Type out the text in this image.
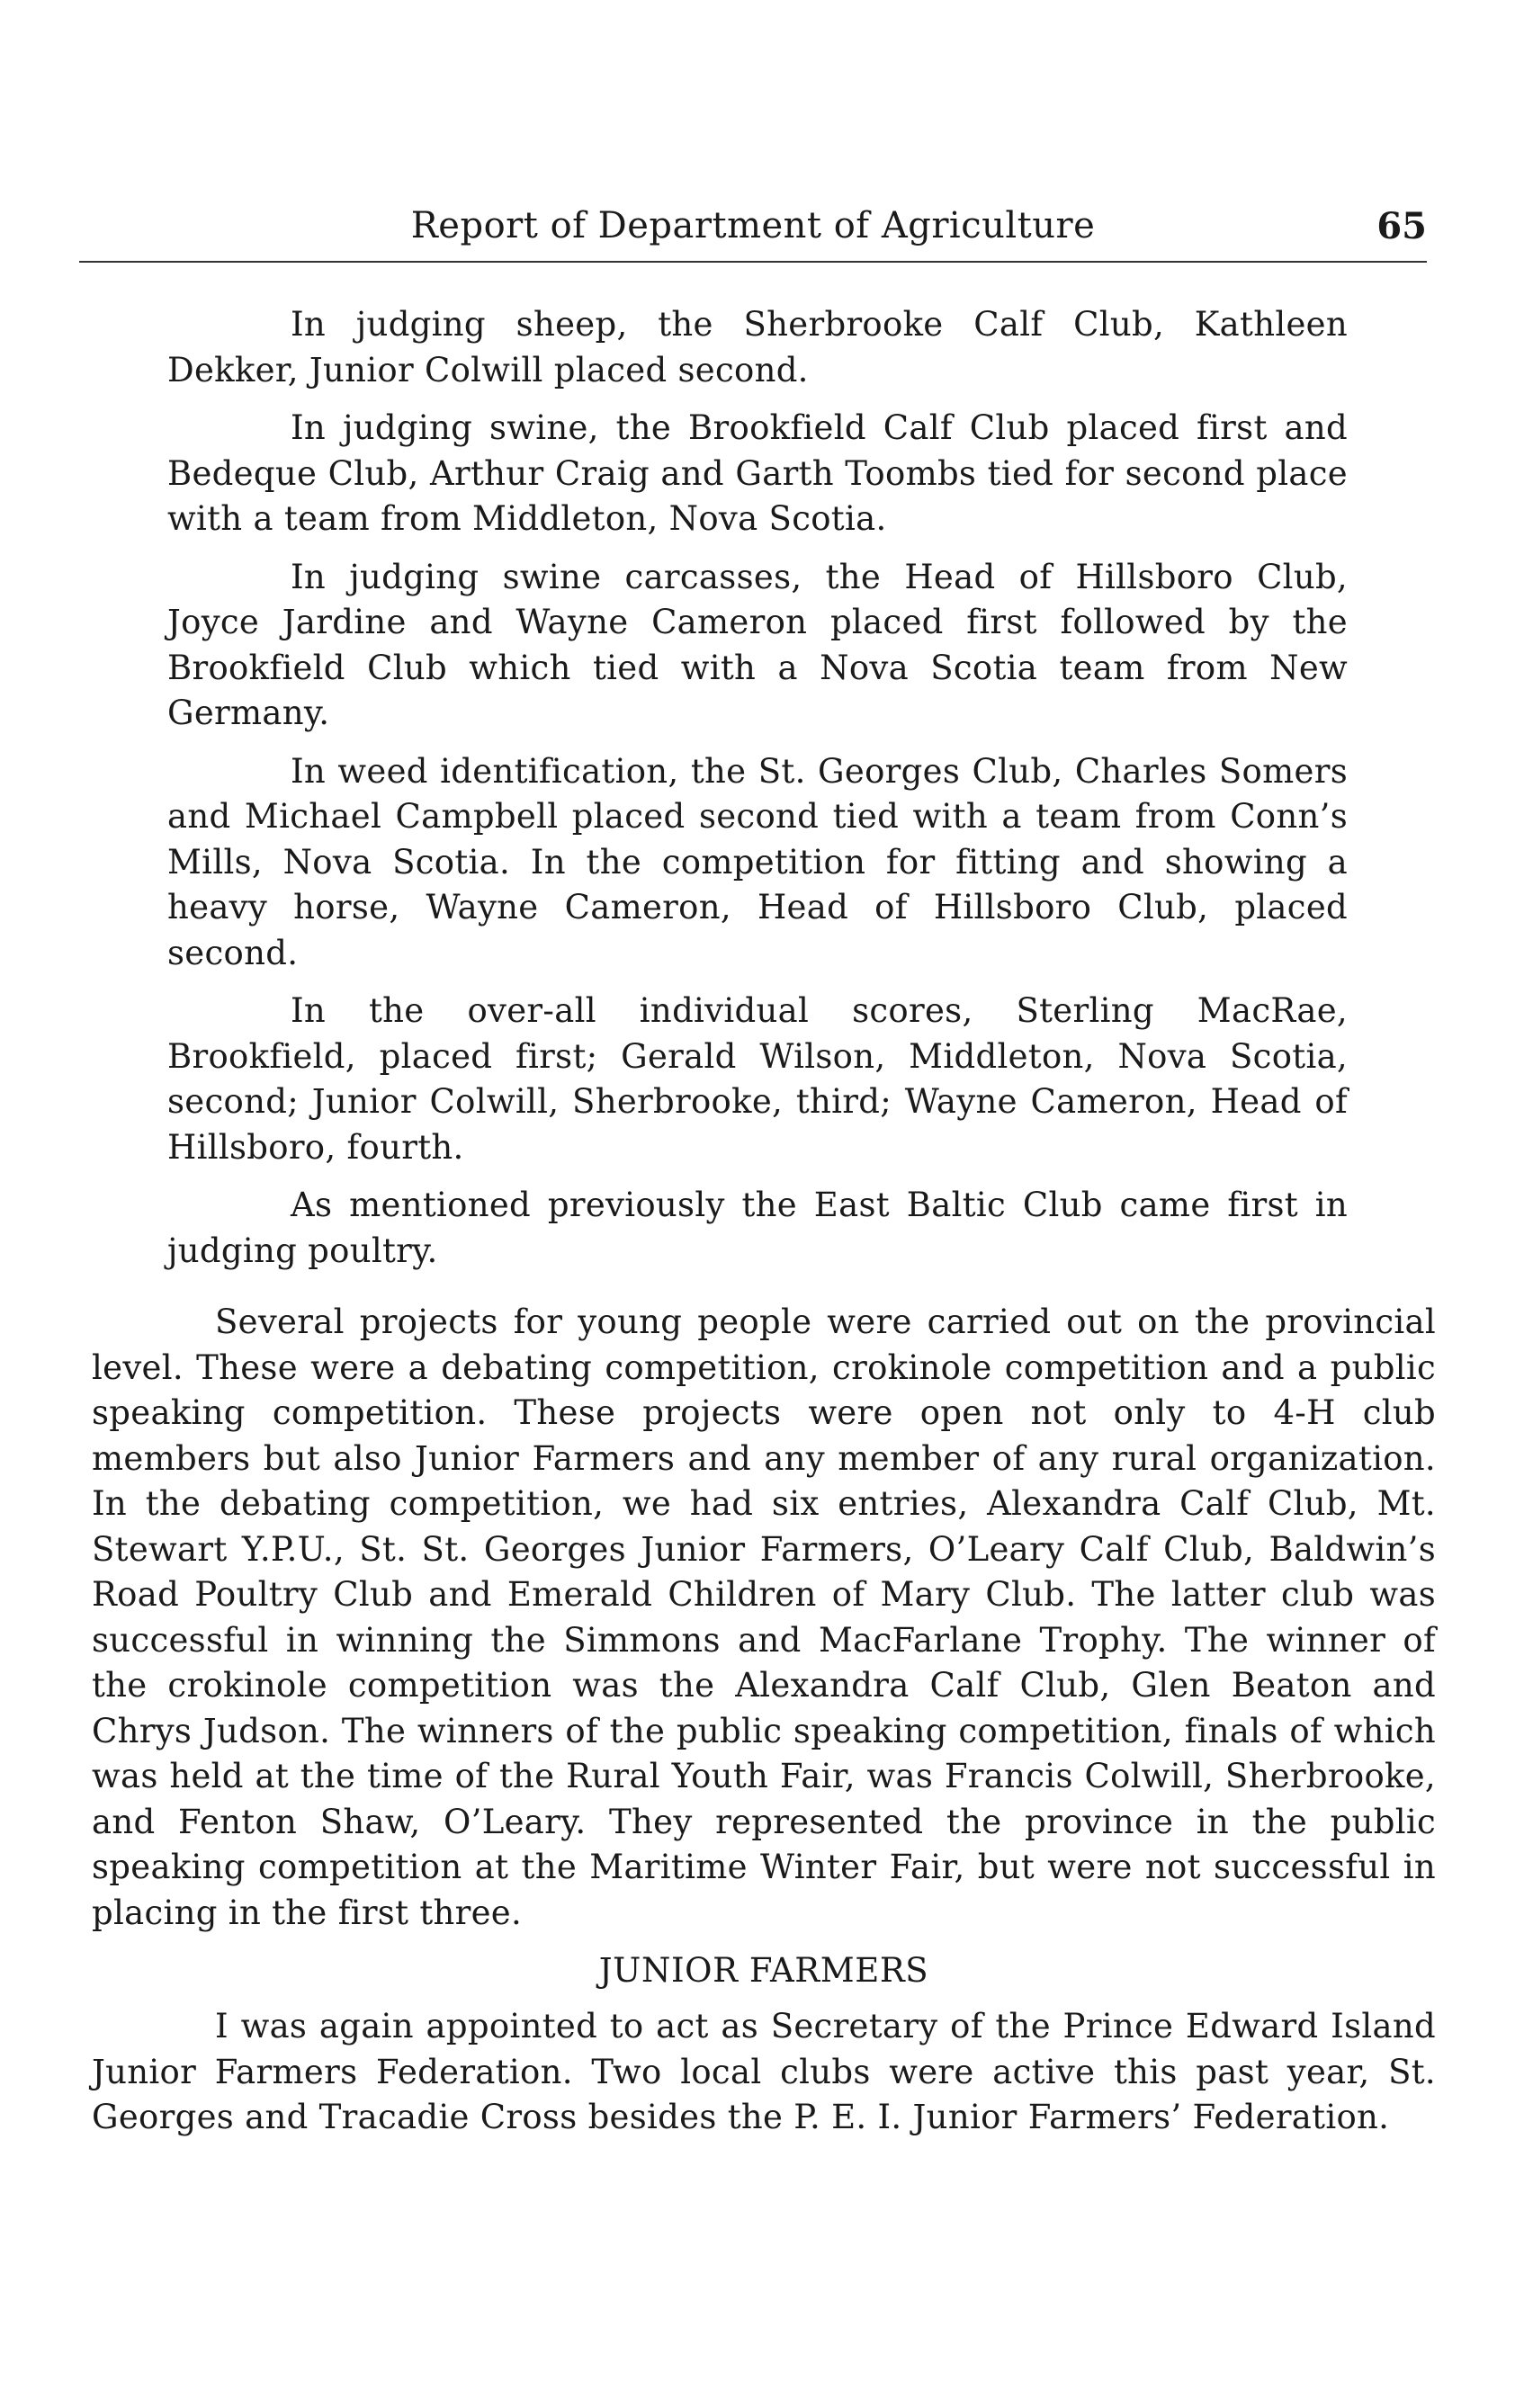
Report of Department of Agriculture	65

In judging sheep, the Sherbrooke Calf Club, Kathleen Dekker, Junior Colwill placed second.

In judging swine, the Brookfield Calf Club placed first and Bedeque Club, Arthur Craig and Garth Toombs tied for second place with a team from Middleton, Nova Scotia.

In judging swine carcasses, the Head of Hillsboro Club, Joyce Jardine and Wayne Cameron placed first followed by the Brookfield Club which tied with a Nova Scotia team from New Germany.

In weed identification, the St. Georges Club, Charles Somers and Michael Campbell placed second tied with a team from Conn’s Mills, Nova Scotia. In the competition for fitting and showing a heavy horse, Wayne Cameron, Head of Hillsboro Club, placed second.

In the over-all individual scores, Sterling MacRae, Brookfield, placed first; Gerald Wilson, Middleton, Nova Scotia, second; Junior Colwill, Sherbrooke, third; Wayne Cameron, Head of Hillsboro, fourth.

As mentioned previously the East Baltic Club came first in judging poultry.

Several projects for young people were carried out on the provincial level. These were a debating competition, crokinole competition and a public speaking competition. These projects were open not only to 4-H club members but also Junior Farmers and any member of any rural organization. In the debating competition, we had six entries, Alexandra Calf Club, Mt. Stewart Y.P.U., St. St. Georges Junior Farmers, O’Leary Calf Club, Baldwin’s Road Poultry Club and Emerald Children of Mary Club. The latter club was successful in winning the Simmons and MacFarlane Trophy. The winner of the crokinole competition was the Alexandra Calf Club, Glen Beaton and Chrys Judson. The winners of the public speaking competition, finals of which was held at the time of the Rural Youth Fair, was Francis Colwill, Sherbrooke, and Fenton Shaw, O’Leary. They represented the province in the public speaking competition at the Maritime Winter Fair, but were not successful in placing in the first three.

JUNIOR FARMERS

I was again appointed to act as Secretary of the Prince Edward Island Junior Farmers Federation. Two local clubs were active this past year, St. Georges and Tracadie Cross besides the P. E. I. Junior Farmers’ Federation.
